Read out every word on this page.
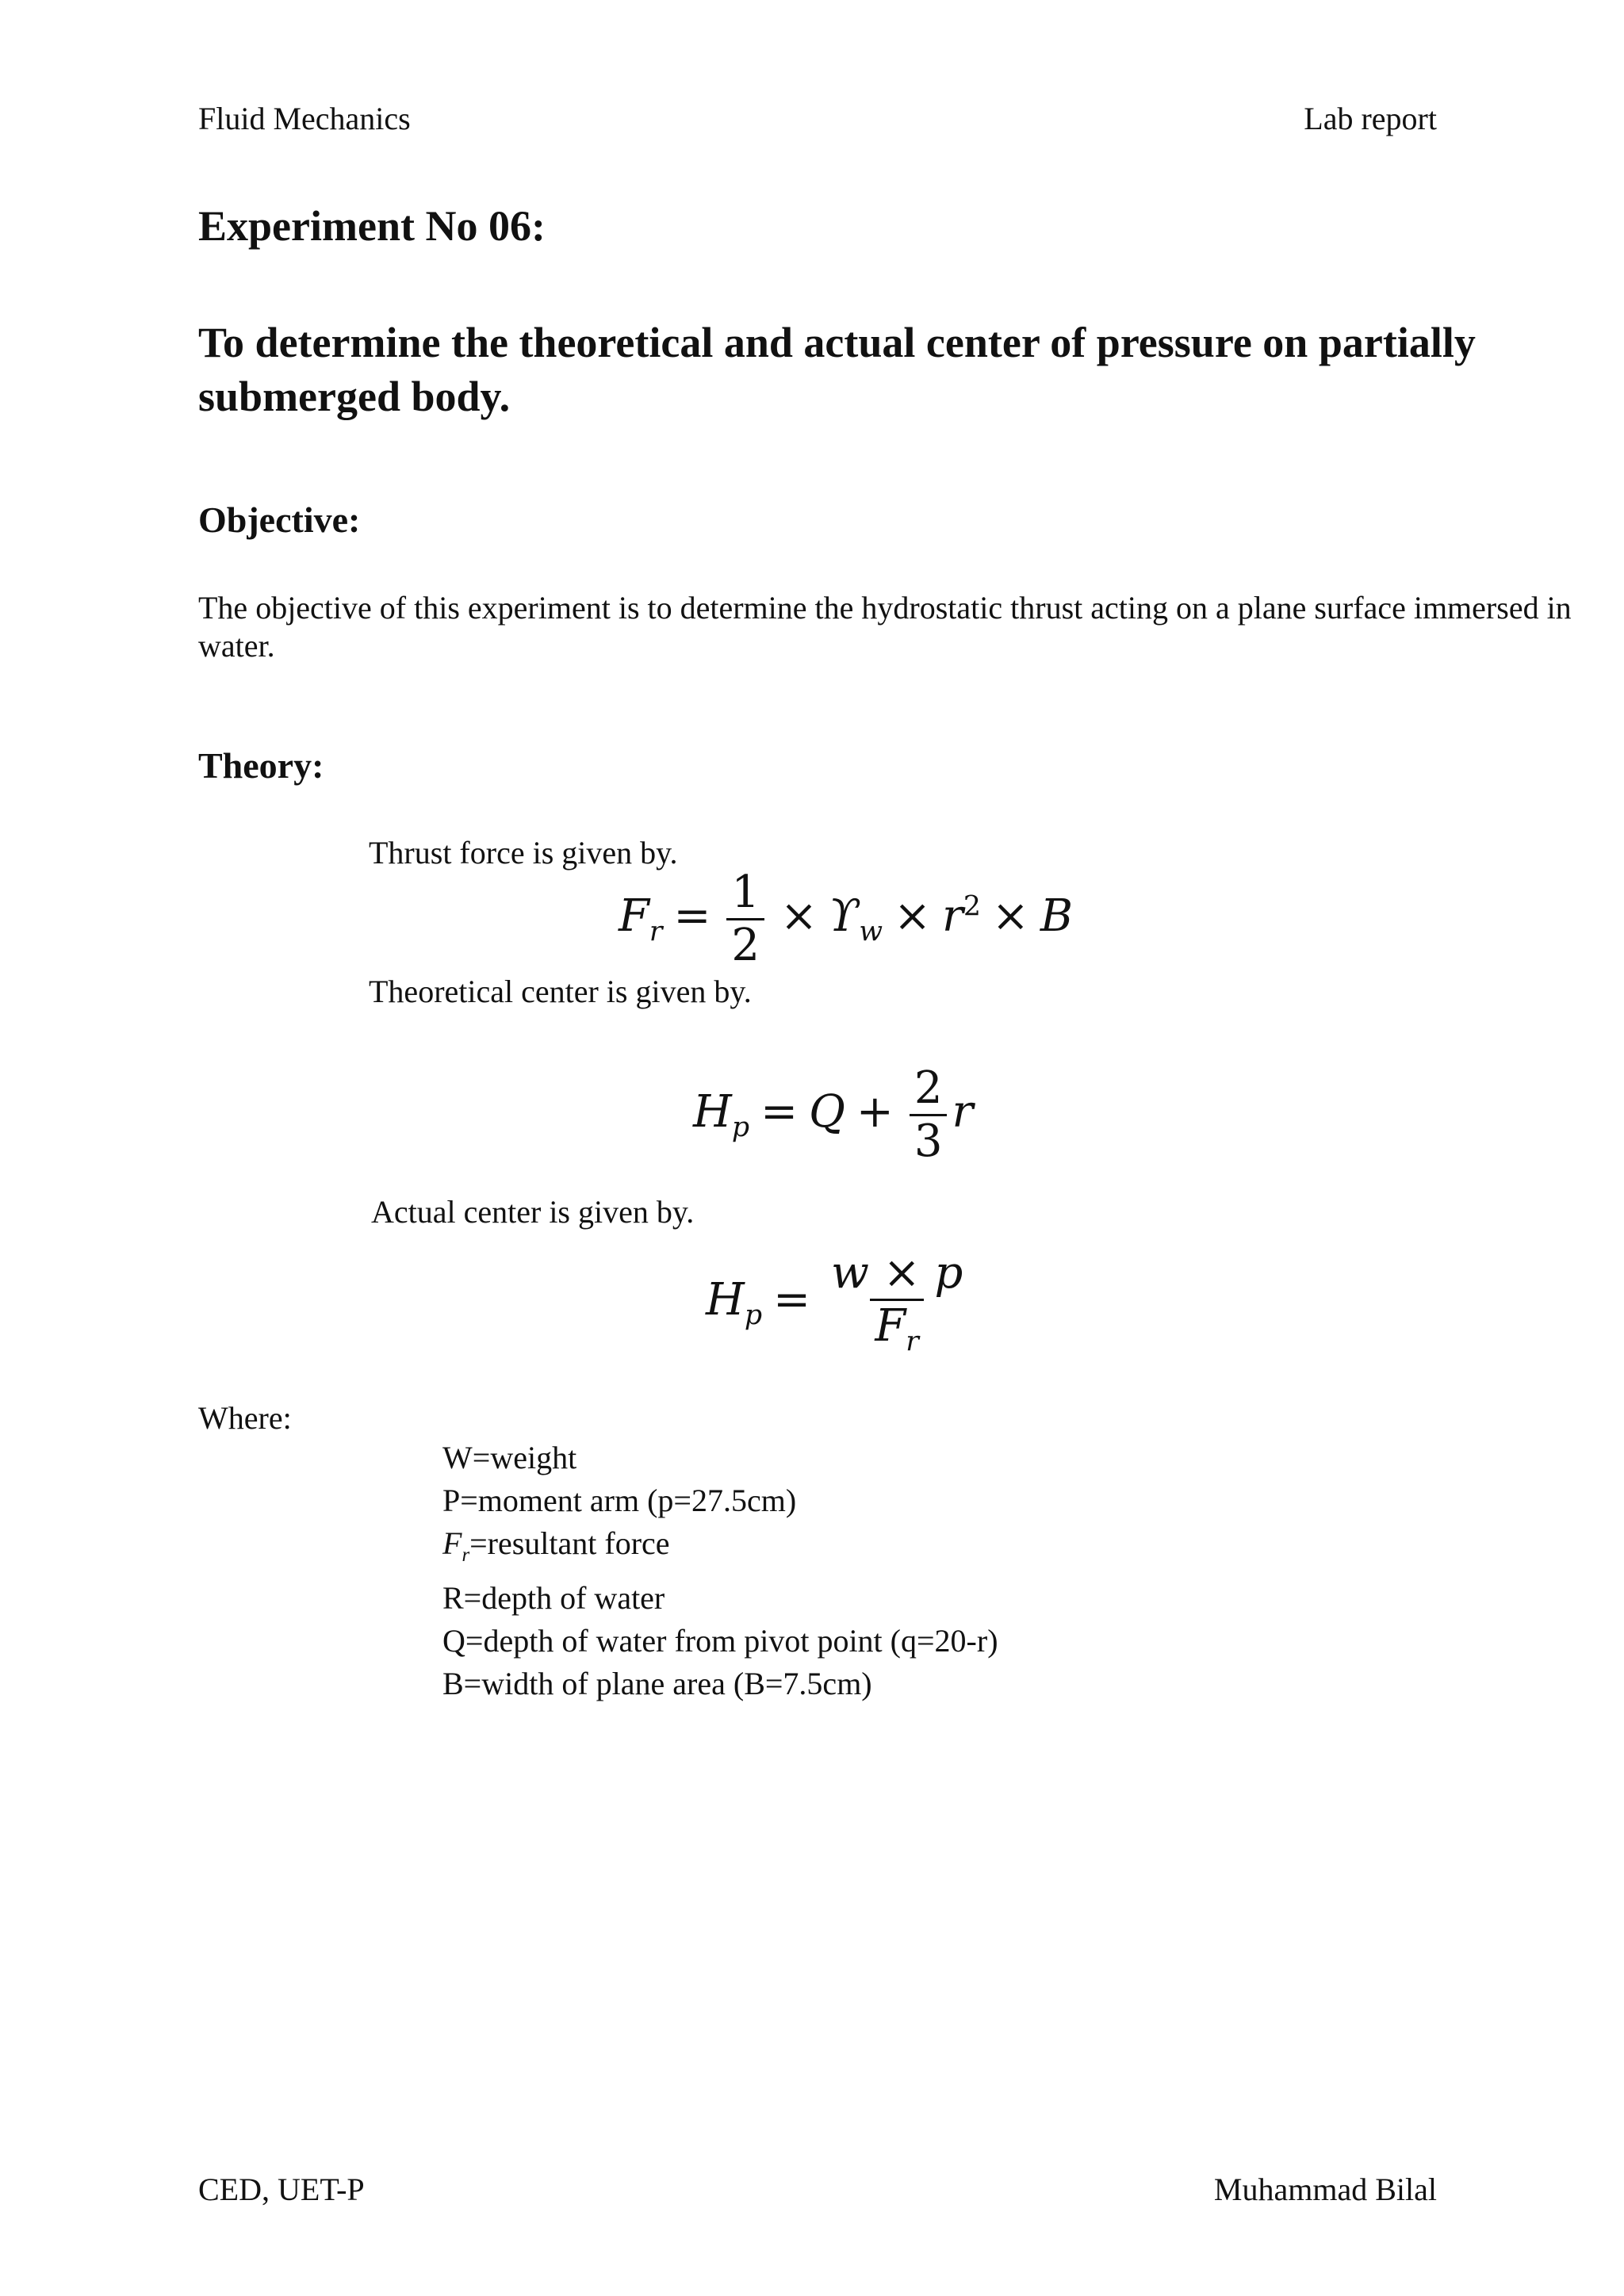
Fluid Mechanics	Lab report
Experiment No 06:
To determine the theoretical and actual center of pressure on partially submerged body.
Objective:
The objective of this experiment is to determine the hydrostatic thrust acting on a plane surface immersed in water.
Theory:
Thrust force is given by.
$F_r = \frac{1}{2} \times ϒ_w \times r^2 \times B$
Theoretical center is given by.
$H_p = Q + \frac{2}{3}$ r
Actual center is given by.
$H_p = \frac{w \times p}{F_r}$
Where:
W=weight
P=moment arm (p=27.5cm)
$F_r=resultant$ force
R=depth of water
Q=depth of water from pivot point (q=20-r)
B=width of plane area (B=7.5cm)
CED, UET-P	Muhammad Bilal
